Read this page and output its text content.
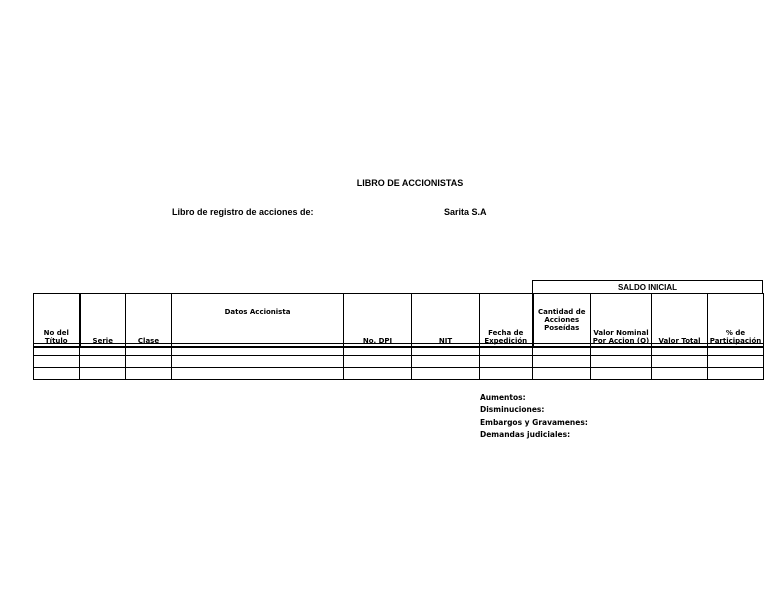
LIBRO DE ACCIONISTAS
Libro de registro de acciones de:	Sarita S.A
SALDO INICIAL
No del Título	Serie	Clase	Datos Accionista	No. DPI	NIT	Fecha de Expedición	Cantidad de Acciones Poseídas	Valor Nominal Por Accion (Q)	Valor Total	% de Participación

Aumentos:
Disminuciones:
Embargos y Gravamenes:
Demandas judiciales:
